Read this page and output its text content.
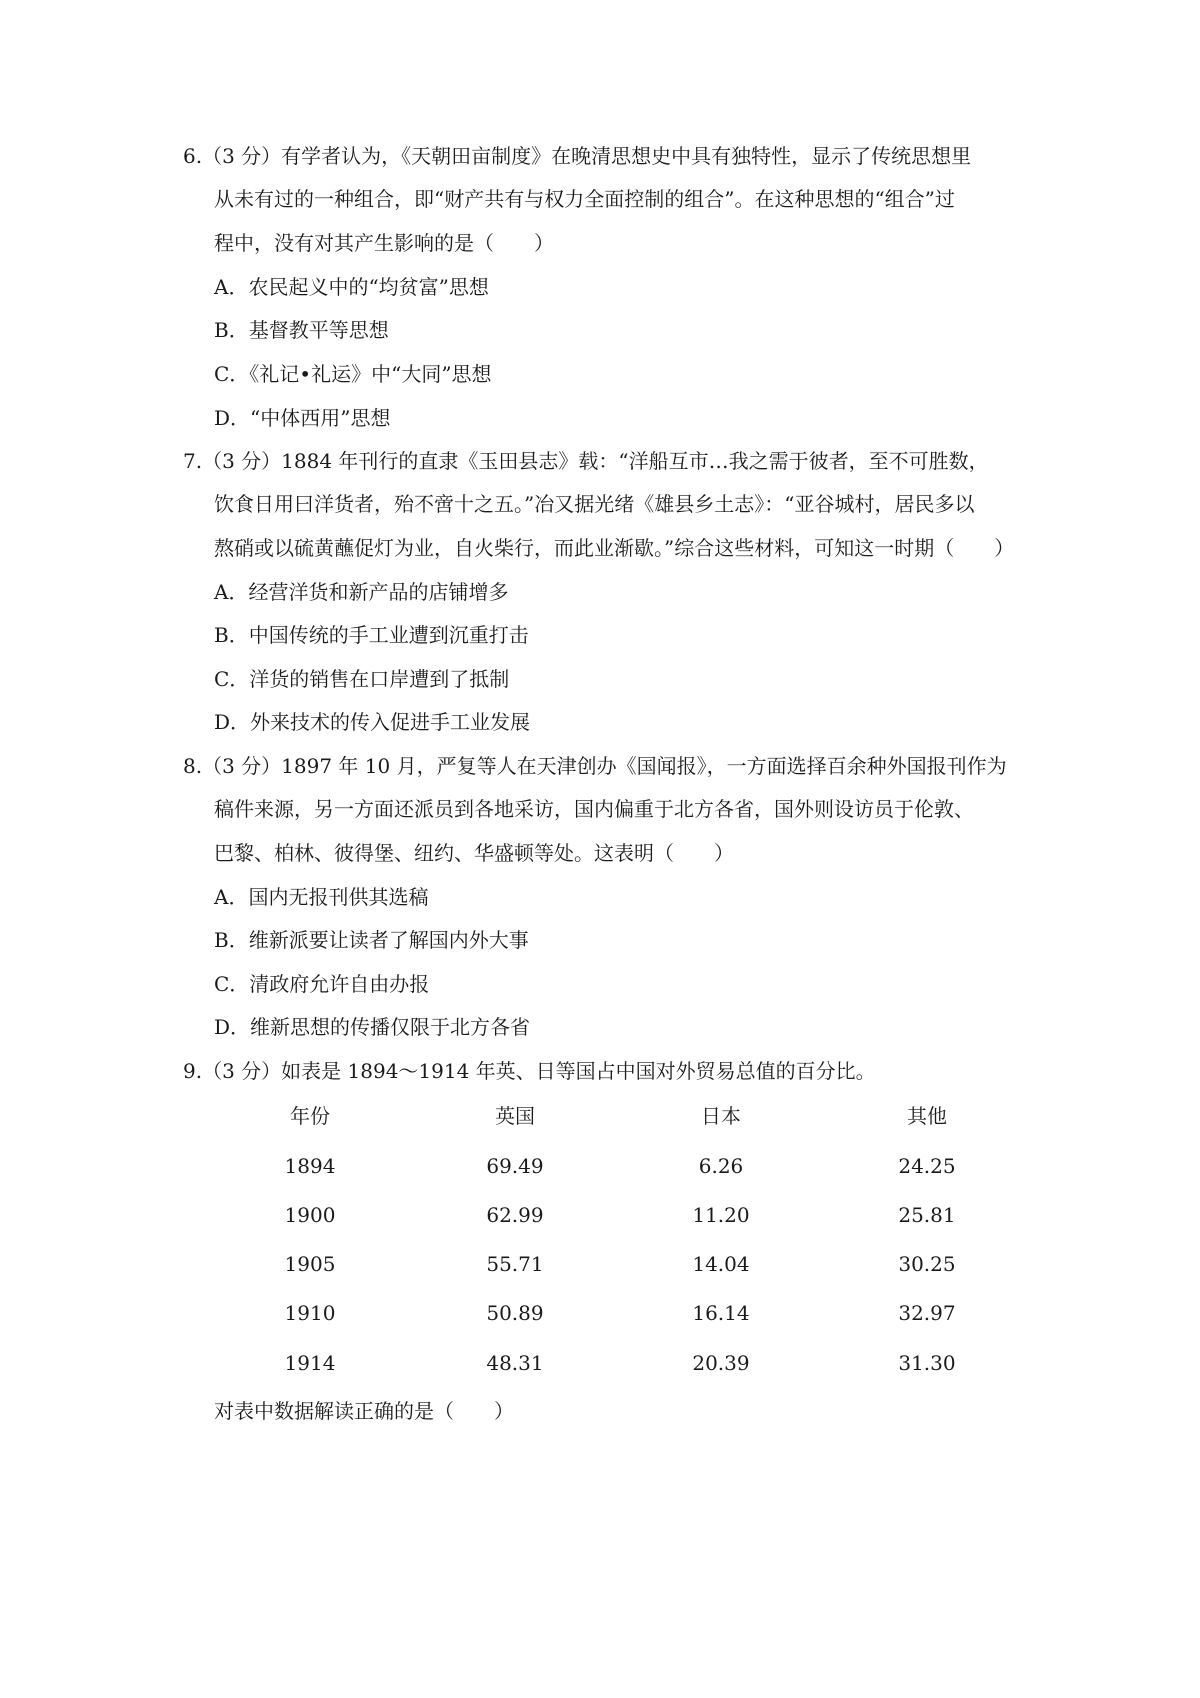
6.（3 分）有学者认为，《天朝田亩制度》在晚清思想史中具有独特性，显示了传统思想里
从未有过的一种组合，即“财产共有与权力全面控制的组合”。在这种思想的“组合”过
程中，没有对其产生影响的是（　　）
A．农民起义中的“均贫富”思想
B．基督教平等思想
C．《礼记•礼运》中“大同”思想
D．“中体西用”思想
7.（3 分）1884 年刊行的直隶《玉田县志》载：“洋船互市…我之需于彼者，至不可胜数，
饮食日用曰洋货者，殆不啻十之五。”冶又据光绪《雄县乡土志》：“亚谷城村，居民多以
熬硝或以硫黄蘸促灯为业，自火柴行，而此业渐歇。”综合这些材料，可知这一时期（　　）
A．经营洋货和新产品的店铺增多
B．中国传统的手工业遭到沉重打击
C．洋货的销售在口岸遭到了抵制
D．外来技术的传入促进手工业发展
8.（3 分）1897 年 10 月，严复等人在天津创办《国闻报》，一方面选择百余种外国报刊作为
稿件来源，另一方面还派员到各地采访，国内偏重于北方各省，国外则设访员于伦敦、
巴黎、柏林、彼得堡、纽约、华盛顿等处。这表明（　　）
A．国内无报刊供其选稿
B．维新派要让读者了解国内外大事
C．清政府允许自由办报
D．维新思想的传播仅限于北方各省
9.（3 分）如表是 1894～1914 年英、日等国占中国对外贸易总值的百分比。
年份	英国	日本	其他
1894	69.49	6.26	24.25
1900	62.99	11.20	25.81
1905	55.71	14.04	30.25
1910	50.89	16.14	32.97
1914	48.31	20.39	31.30
对表中数据解读正确的是（　　）
